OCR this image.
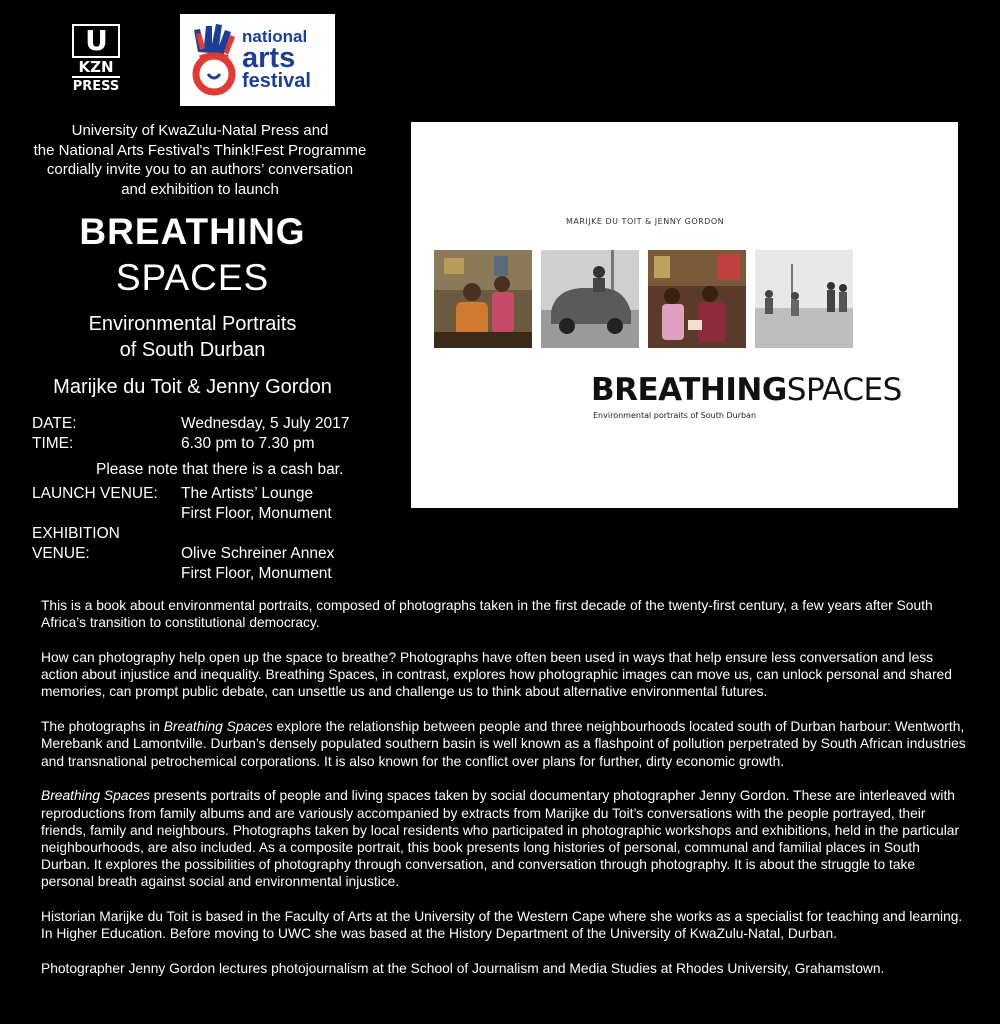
U
KZN
PRESS
national
arts
festival
University of KwaZulu-Natal Press and
the National Arts Festival's Think!Fest Programme
cordially invite you to an authors’ conversation
and exhibition to launch
BREATHING
SPACES
Environmental Portraits
of South Durban
Marijke du Toit & Jenny Gordon
DATE:	Wednesday, 5 July 2017
TIME:	6.30 pm to 7.30 pm
Please note that there is a cash bar.
LAUNCH VENUE: The Artists’ Lounge
First Floor, Monument
EXHIBITION
VENUE:	Olive Schreiner Annex
First Floor, Monument
MARIJKE DU TOIT & JENNY GORDON
BREATHINGSPACES
Environmental portraits of South Durban

This is a book about environmental portraits, composed of photographs taken in the first decade of the twenty-first century, a few years after South Africa’s transition to constitutional democracy.

How can photography help open up the space to breathe? Photographs have often been used in ways that help ensure less conversation and less action about injustice and inequality. Breathing Spaces, in contrast, explores how photographic images can move us, can unlock personal and shared memories, can prompt public debate, can unsettle us and challenge us to think about alternative environmental futures.

The photographs in Breathing Spaces explore the relationship between people and three neighbourhoods located south of Durban harbour: Wentworth, Merebank and Lamontville. Durban’s densely populated southern basin is well known as a flashpoint of pollution perpetrated by South African industries and transnational petrochemical corporations. It is also known for the conflict over plans for further, dirty economic growth.

Breathing Spaces presents portraits of people and living spaces taken by social documentary photographer Jenny Gordon. These are interleaved with reproductions from family albums and are variously accompanied by extracts from Marijke du Toit’s conversations with the people portrayed, their friends, family and neighbours. Photographs taken by local residents who participated in photographic workshops and exhibitions, held in the particular neighbourhoods, are also included. As a composite portrait, this book presents long histories of personal, communal and familial places in South Durban. It explores the possibilities of photography through conversation, and conversation through photography. It is about the struggle to take personal breath against social and environmental injustice.

Historian Marijke du Toit is based in the Faculty of Arts at the University of the Western Cape where she works as a specialist for teaching and learning. In Higher Education. Before moving to UWC she was based at the History Department of the University of KwaZulu-Natal, Durban.

Photographer Jenny Gordon lectures photojournalism at the School of Journalism and Media Studies at Rhodes University, Grahamstown.
